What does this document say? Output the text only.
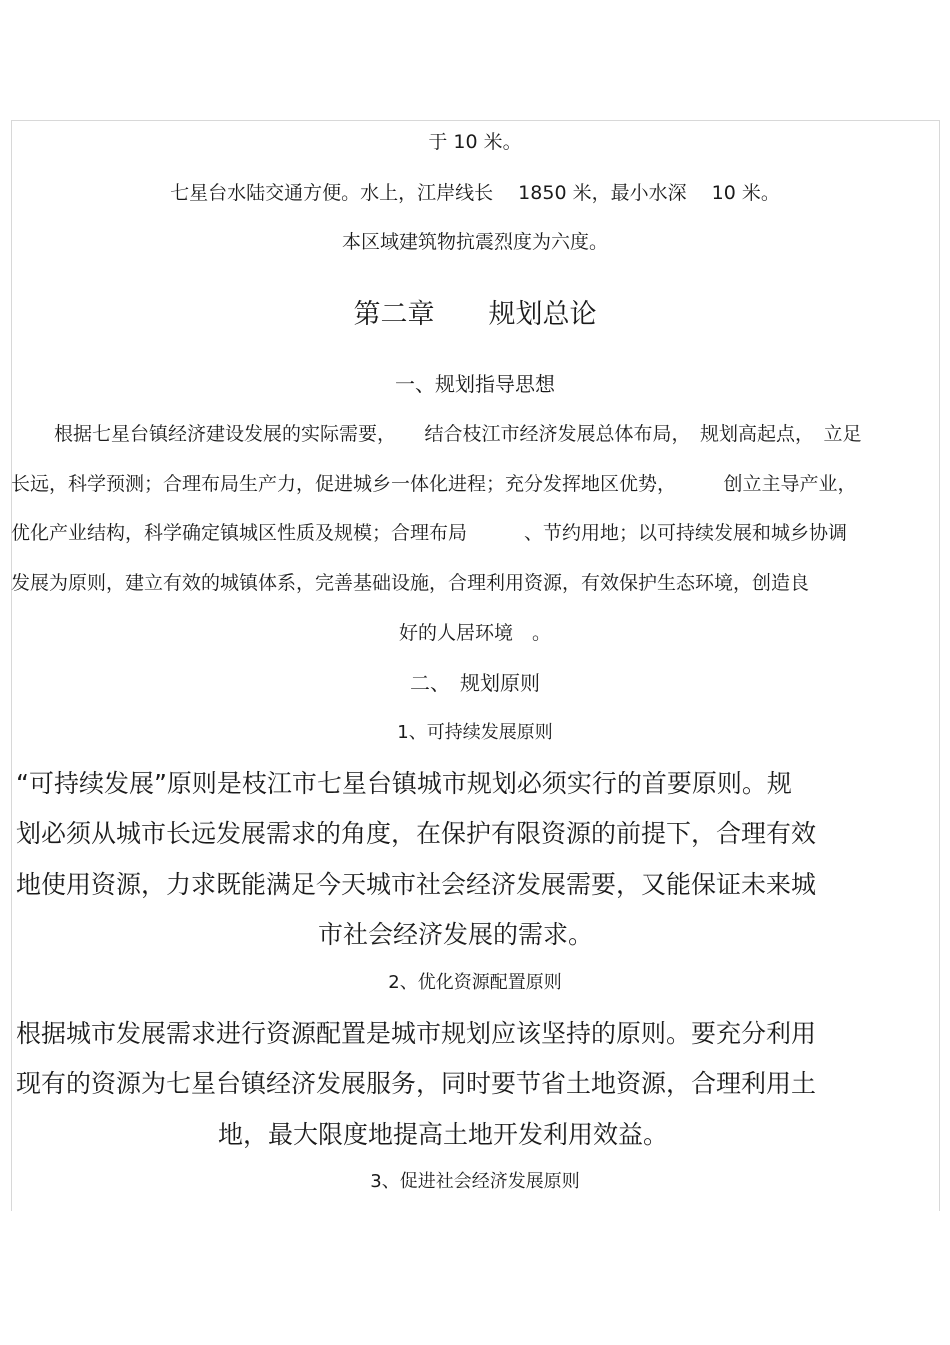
于 10 米。
七星台水陆交通方便。水上，江岸线长 　1850 米，最小水深 　10 米。
本区域建筑物抗震烈度为六度。
第二章　　规划总论
一、规划指导思想
根据七星台镇经济建设发展的实际需要，　　结合枝江市经济发展总体布局，　规划高起点，　立足
长远，科学预测；合理布局生产力，促进城乡一体化进程；充分发挥地区优势，　　　创立主导产业，
优化产业结构，科学确定镇城区性质及规模；合理布局　　　、节约用地；以可持续发展和城乡协调
发展为原则，建立有效的城镇体系，完善基础设施，合理利用资源，有效保护生态环境，创造良
好的人居环境　。
二、　规划原则
1、可持续发展原则
“可持续发展”原则是枝江市七星台镇城市规划必须实行的首要原则。规
划必须从城市长远发展需求的角度，在保护有限资源的前提下，合理有效
地使用资源，力求既能满足今天城市社会经济发展需要，又能保证未来城
市社会经济发展的需求。
2、优化资源配置原则
根据城市发展需求进行资源配置是城市规划应该坚持的原则。要充分利用
现有的资源为七星台镇经济发展服务，同时要节省土地资源，合理利用土
地，最大限度地提高土地开发利用效益。
3、促进社会经济发展原则
